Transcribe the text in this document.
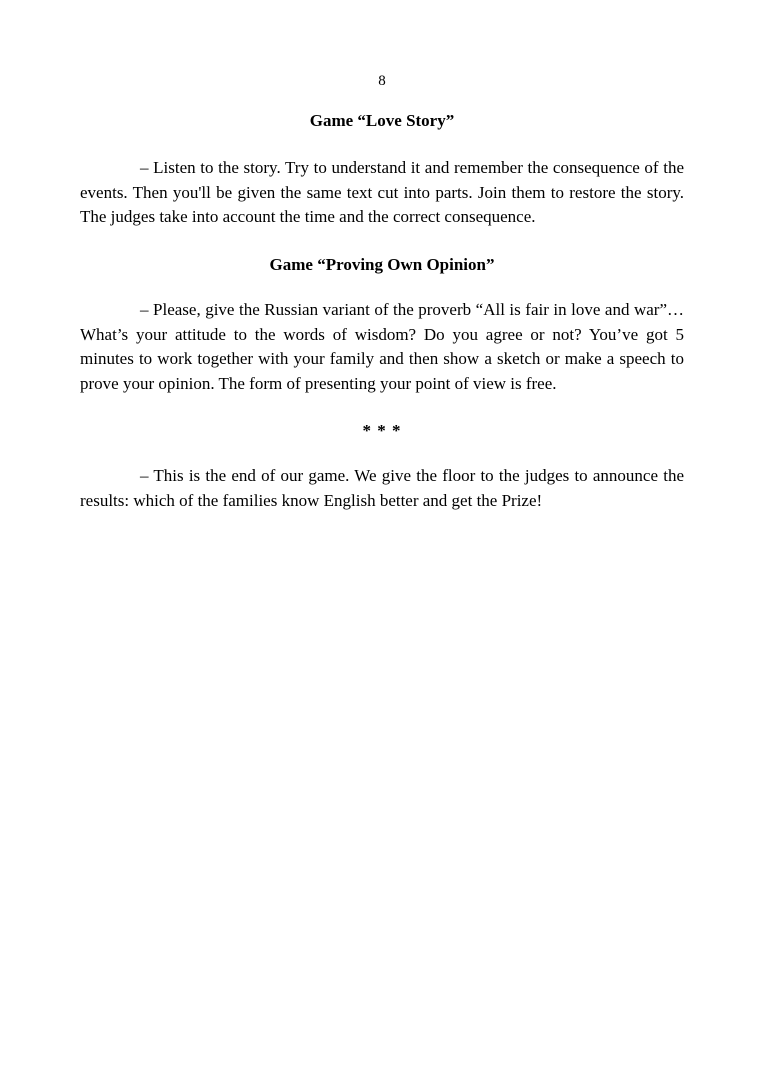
8
Game “Love Story”

– Listen to the story. Try to understand it and remember the consequence of the events. Then you'll be given the same text cut into parts. Join them to restore the story. The judges take into account the time and the correct consequence.

Game “Proving Own Opinion”

– Please, give the Russian variant of the proverb “All is fair in love and war”… What’s your attitude to the words of wisdom? Do you agree or not? You’ve got 5 minutes to work together with your family and then show a sketch or make a speech to prove your opinion. The form of presenting your point of view is free.

* * *

– This is the end of our game. We give the floor to the judges to announce the results: which of the families know English better and get the Prize!
